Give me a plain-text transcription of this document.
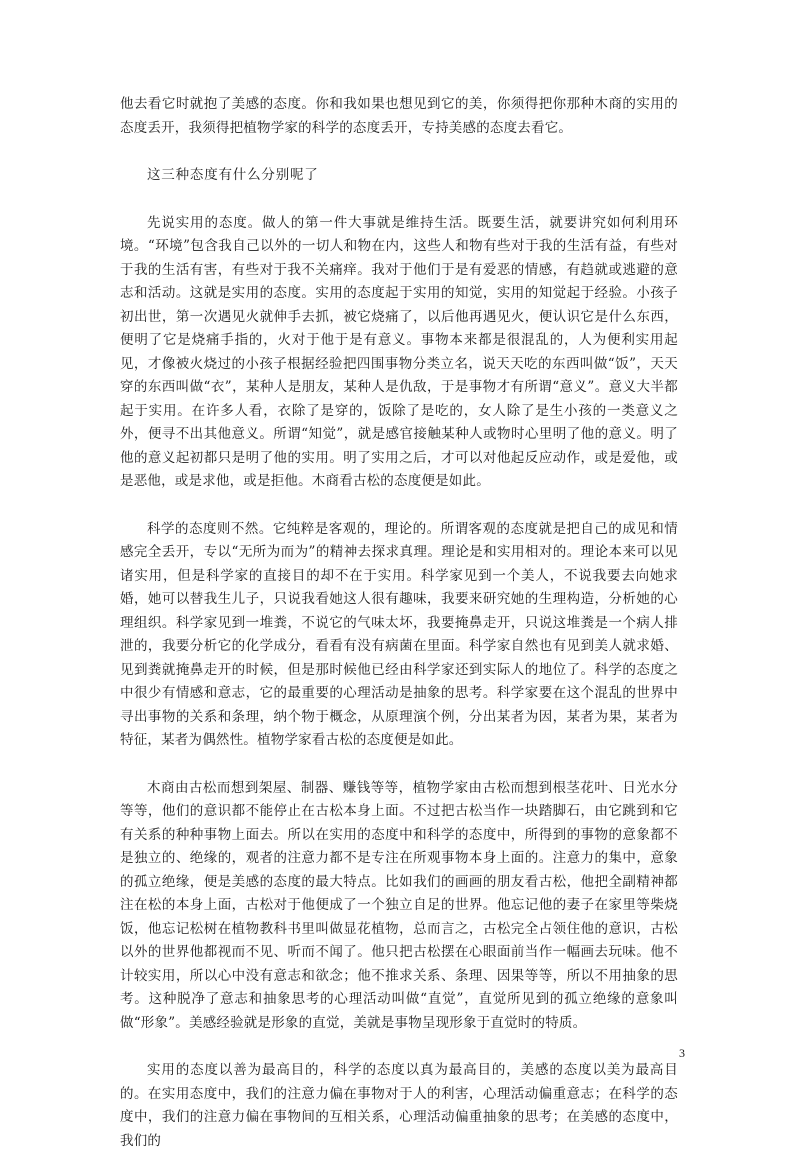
他去看它时就抱了美感的态度。你和我如果也想见到它的美，你须得把你那种木商的实用的态度丢开，我须得把植物学家的科学的态度丢开，专持美感的态度去看它。

这三种态度有什么分别呢了

先说实用的态度。做人的第一件大事就是维持生活。既要生活，就要讲究如何利用环境。“环境”包含我自己以外的一切人和物在内，这些人和物有些对于我的生活有益，有些对于我的生活有害，有些对于我不关痛痒。我对于他们于是有爱恶的情感，有趋就或逃避的意志和活动。这就是实用的态度。实用的态度起于实用的知觉，实用的知觉起于经验。小孩子初出世，第一次遇见火就伸手去抓，被它烧痛了，以后他再遇见火，便认识它是什么东西，便明了它是烧痛手指的，火对于他于是有意义。事物本来都是很混乱的，人为便利实用起见，才像被火烧过的小孩子根据经验把四围事物分类立名，说天天吃的东西叫做“饭”，天天穿的东西叫做“衣”，某种人是朋友，某种人是仇敌，于是事物才有所谓“意义”。意义大半都起于实用。在许多人看，衣除了是穿的，饭除了是吃的，女人除了是生小孩的一类意义之外，便寻不出其他意义。所谓“知觉”，就是感官接触某种人或物时心里明了他的意义。明了他的意义起初都只是明了他的实用。明了实用之后，才可以对他起反应动作，或是爱他，或是恶他，或是求他，或是拒他。木商看古松的态度便是如此。

科学的态度则不然。它纯粹是客观的，理论的。所谓客观的态度就是把自己的成见和情感完全丢开，专以“无所为而为”的精神去探求真理。理论是和实用相对的。理论本来可以见诸实用，但是科学家的直接目的却不在于实用。科学家见到一个美人，不说我要去向她求婚，她可以替我生儿子，只说我看她这人很有趣味，我要来研究她的生理构造，分析她的心理组织。科学家见到一堆粪，不说它的气味太坏，我要掩鼻走开，只说这堆粪是一个病人排泄的，我要分析它的化学成分，看看有没有病菌在里面。科学家自然也有见到美人就求婚、见到粪就掩鼻走开的时候，但是那时候他已经由科学家还到实际人的地位了。科学的态度之中很少有情感和意志，它的最重要的心理活动是抽象的思考。科学家要在这个混乱的世界中寻出事物的关系和条理，纳个物于概念，从原理演个例，分出某者为因，某者为果，某者为特征，某者为偶然性。植物学家看古松的态度便是如此。

木商由古松而想到架屋、制器、赚钱等等，植物学家由古松而想到根茎花叶、日光水分等等，他们的意识都不能停止在古松本身上面。不过把古松当作一块踏脚石，由它跳到和它有关系的种种事物上面去。所以在实用的态度中和科学的态度中，所得到的事物的意象都不是独立的、绝缘的，观者的注意力都不是专注在所观事物本身上面的。注意力的集中，意象的孤立绝缘，便是美感的态度的最大特点。比如我们的画画的朋友看古松，他把全副精神都注在松的本身上面，古松对于他便成了一个独立自足的世界。他忘记他的妻子在家里等柴烧饭，他忘记松树在植物教科书里叫做显花植物，总而言之，古松完全占领住他的意识，古松以外的世界他都视而不见、听而不闻了。他只把古松摆在心眼面前当作一幅画去玩味。他不计较实用，所以心中没有意志和欲念；他不推求关系、条理、因果等等，所以不用抽象的思考。这种脱净了意志和抽象思考的心理活动叫做“直觉”，直觉所见到的孤立绝缘的意象叫做“形象”。美感经验就是形象的直觉，美就是事物呈现形象于直觉时的特质。

实用的态度以善为最高目的，科学的态度以真为最高目的，美感的态度以美为最高目的。在实用态度中，我们的注意力偏在事物对于人的利害，心理活动偏重意志；在科学的态度中，我们的注意力偏在事物间的互相关系，心理活动偏重抽象的思考；在美感的态度中，我们的

3
